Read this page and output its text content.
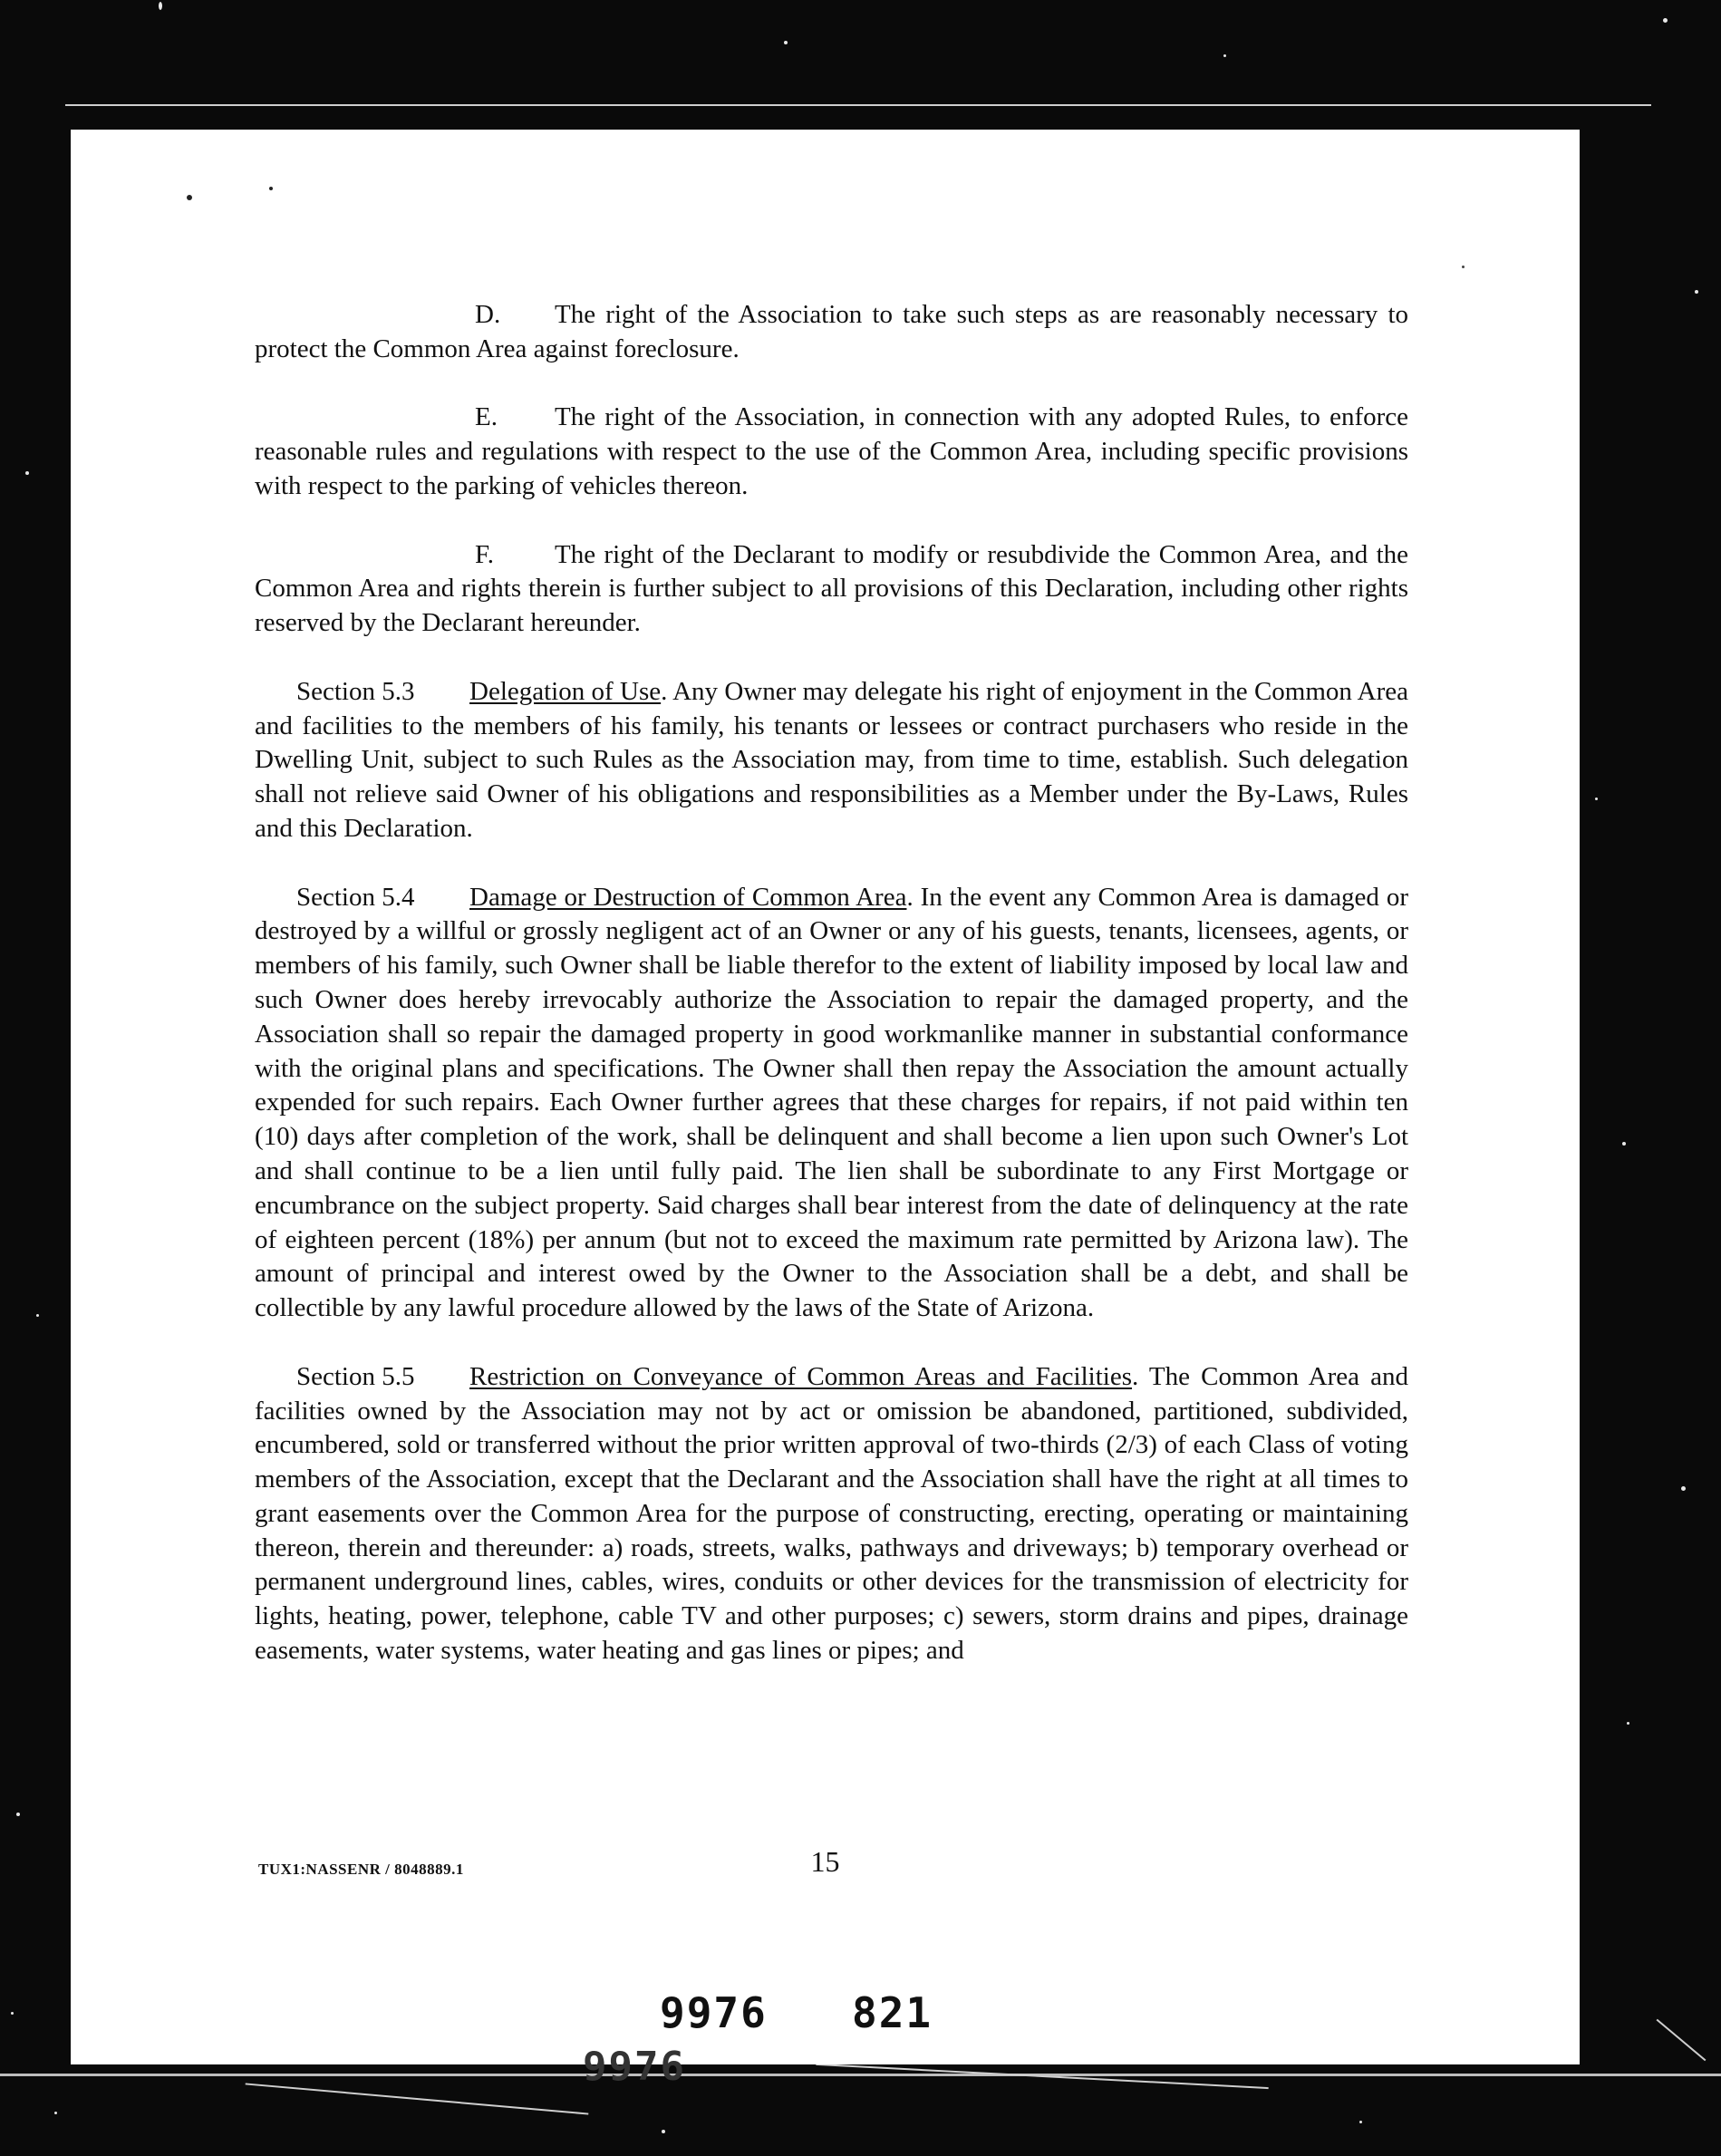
D. The right of the Association to take such steps as are reasonably necessary to protect the Common Area against foreclosure.

E. The right of the Association, in connection with any adopted Rules, to enforce reasonable rules and regulations with respect to the use of the Common Area, including specific provisions with respect to the parking of vehicles thereon.

F. The right of the Declarant to modify or resubdivide the Common Area, and the Common Area and rights therein is further subject to all provisions of this Declaration, including other rights reserved by the Declarant hereunder.

Section 5.3 Delegation of Use. Any Owner may delegate his right of enjoyment in the Common Area and facilities to the members of his family, his tenants or lessees or contract purchasers who reside in the Dwelling Unit, subject to such Rules as the Association may, from time to time, establish. Such delegation shall not relieve said Owner of his obligations and responsibilities as a Member under the By-Laws, Rules and this Declaration.

Section 5.4 Damage or Destruction of Common Area. In the event any Common Area is damaged or destroyed by a willful or grossly negligent act of an Owner or any of his guests, tenants, licensees, agents, or members of his family, such Owner shall be liable therefor to the extent of liability imposed by local law and such Owner does hereby irrevocably authorize the Association to repair the damaged property, and the Association shall so repair the damaged property in good workmanlike manner in substantial conformance with the original plans and specifications. The Owner shall then repay the Association the amount actually expended for such repairs. Each Owner further agrees that these charges for repairs, if not paid within ten (10) days after completion of the work, shall be delinquent and shall become a lien upon such Owner's Lot and shall continue to be a lien until fully paid. The lien shall be subordinate to any First Mortgage or encumbrance on the subject property. Said charges shall bear interest from the date of delinquency at the rate of eighteen percent (18%) per annum (but not to exceed the maximum rate permitted by Arizona law). The amount of principal and interest owed by the Owner to the Association shall be a debt, and shall be collectible by any lawful procedure allowed by the laws of the State of Arizona.

Section 5.5 Restriction on Conveyance of Common Areas and Facilities. The Common Area and facilities owned by the Association may not by act or omission be abandoned, partitioned, subdivided, encumbered, sold or transferred without the prior written approval of two-thirds (2/3) of each Class of voting members of the Association, except that the Declarant and the Association shall have the right at all times to grant easements over the Common Area for the purpose of constructing, erecting, operating or maintaining thereon, therein and thereunder: a) roads, streets, walks, pathways and driveways; b) temporary overhead or permanent underground lines, cables, wires, conduits or other devices for the transmission of electricity for lights, heating, power, telephone, cable TV and other purposes; c) sewers, storm drains and pipes, drainage easements, water systems, water heating and gas lines or pipes; and

TUX1:NASSENR / 8048889.1	15
9976 821
9976
